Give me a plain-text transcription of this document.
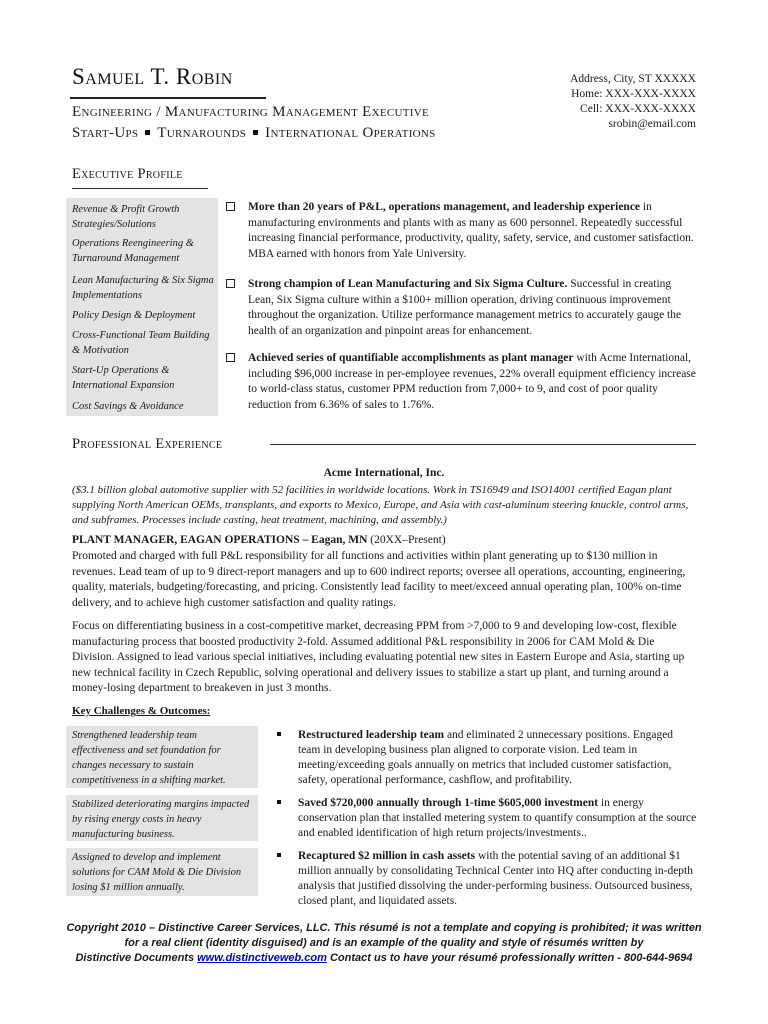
Samuel T. Robin	Address, City, ST XXXXX
Home: XXX-XXX-XXXX
Cell: XXX-XXX-XXXX
srobin@email.com
Engineering / Manufacturing Management Executive
Start-Ups Turnarounds International Operations
Executive Profile
Revenue & Profit Growth Strategies/Solutions
Operations Reengineering & Turnaround Management
Lean Manufacturing & Six Sigma Implementations
Policy Design & Deployment
Cross-Functional Team Building & Motivation
Start-Up Operations & International Expansion
Cost Savings & Avoidance
More than 20 years of P&L, operations management, and leadership experience in manufacturing environments and plants with as many as 600 personnel. Repeatedly successful increasing financial performance, productivity, quality, safety, service, and customer satisfaction. MBA earned with honors from Yale University.
Strong champion of Lean Manufacturing and Six Sigma Culture. Successful in creating Lean, Six Sigma culture within a $100+ million operation, driving continuous improvement throughout the organization. Utilize performance management metrics to accurately gauge the health of an organization and pinpoint areas for enhancement.
Achieved series of quantifiable accomplishments as plant manager with Acme International, including $96,000 increase in per-employee revenues, 22% overall equipment efficiency increase to world-class status, customer PPM reduction from 7,000+ to 9, and cost of poor quality reduction from 6.36% of sales to 1.76%.
Professional Experience
Acme International, Inc.
($3.1 billion global automotive supplier with 52 facilities in worldwide locations. Work in TS16949 and ISO14001 certified Eagan plant supplying North American OEMs, transplants, and exports to Mexico, Europe, and Asia with cast-aluminum steering knuckle, control arms, and subframes. Processes include casting, heat treatment, machining, and assembly.)
PLANT MANAGER, EAGAN OPERATIONS – Eagan, MN (20XX–Present)
Promoted and charged with full P&L responsibility for all functions and activities within plant generating up to $130 million in revenues. Lead team of up to 9 direct-report managers and up to 600 indirect reports; oversee all operations, accounting, engineering, quality, materials, budgeting/forecasting, and pricing. Consistently lead facility to meet/exceed annual operating plan, 100% on-time delivery, and to achieve high customer satisfaction and quality ratings.
Focus on differentiating business in a cost-competitive market, decreasing PPM from >7,000 to 9 and developing low-cost, flexible manufacturing process that boosted productivity 2-fold. Assumed additional P&L responsibility in 2006 for CAM Mold & Die Division. Assigned to lead various special initiatives, including evaluating potential new sites in Eastern Europe and Asia, starting up new technical facility in Czech Republic, solving operational and delivery issues to stabilize a start up plant, and turning around a money-losing department to breakeven in just 3 months.
Key Challenges & Outcomes:
Strengthened leadership team effectiveness and set foundation for changes necessary to sustain competitiveness in a shifting market.
Stabilized deteriorating margins impacted by rising energy costs in heavy manufacturing business.
Assigned to develop and implement solutions for CAM Mold & Die Division losing $1 million annually.
Restructured leadership team and eliminated 2 unnecessary positions. Engaged team in developing business plan aligned to corporate vision. Led team in meeting/exceeding goals annually on metrics that included customer satisfaction, safety, operational performance, cashflow, and profitability.
Saved $720,000 annually through 1-time $605,000 investment in energy conservation plan that installed metering system to quantify consumption at the source and enabled identification of high return projects/investments..
Recaptured $2 million in cash assets with the potential saving of an additional $1 million annually by consolidating Technical Center into HQ after conducting in-depth analysis that justified dissolving the under-performing business. Outsourced business, closed plant, and liquidated assets.
Copyright 2010 – Distinctive Career Services, LLC. This résumé is not a template and copying is prohibited; it was written
for a real client (identity disguised) and is an example of the quality and style of résumés written by
Distinctive Documents www.distinctiveweb.com Contact us to have your résumé professionally written - 800-644-9694
